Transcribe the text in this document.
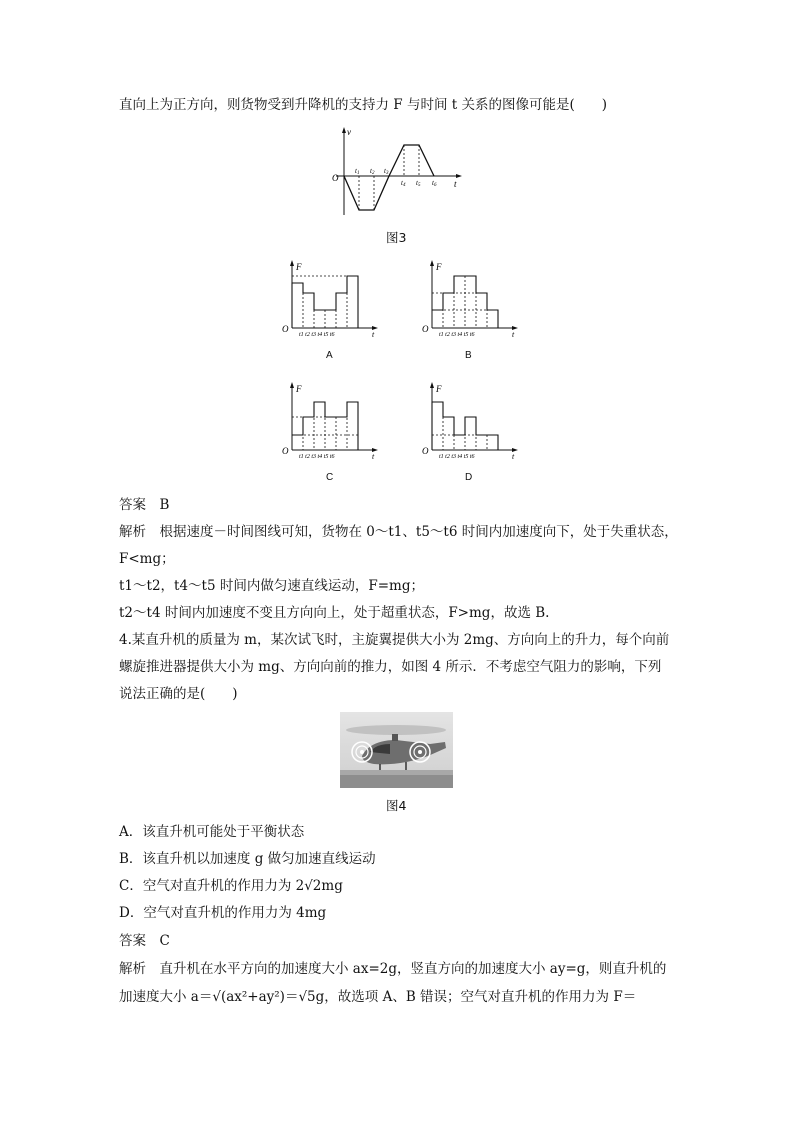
直向上为正方向，则货物受到升降机的支持力 F 与时间 t 关系的图像可能是(　　)
v
t
O
t1 t2 t3
t4 t5 t6
图3
F
t
O
t1 t2 t3 t4 t5 t6
A
F
t
O
t1 t2 t3 t4 t5 t6
B
F
t
O
t1 t2 t3 t4 t5 t6
C
F
t
O
t1 t2 t3 t4 t5 t6
D
答案　 B
解析　 根据速度－时间图线可知，货物在 0～t1、t5～t6 时间内加速度向下，处于失重状态，
F<mg；
t1～t2，t4～t5 时间内做匀速直线运动，F=mg；
t2～t4 时间内加速度不变且方向向上，处于超重状态，F>mg，故选 B.
4.某直升机的质量为 m，某次试飞时，主旋翼提供大小为 2mg、方向向上的升力，每个向前
螺旋推进器提供大小为 mg、方向向前的推力，如图 4 所示．不考虑空气阻力的影响，下列
说法正确的是(　　)
图4
A．该直升机可能处于平衡状态
B．该直升机以加速度 g 做匀加速直线运动
C．空气对直升机的作用力为 2√2mg
D．空气对直升机的作用力为 4mg
答案　 C
解析　 直升机在水平方向的加速度大小 ax=2g，竖直方向的加速度大小 ay=g，则直升机的
加速度大小 a＝√(ax²+ay²)＝√5g，故选项 A、B 错误；空气对直升机的作用力为 F＝
